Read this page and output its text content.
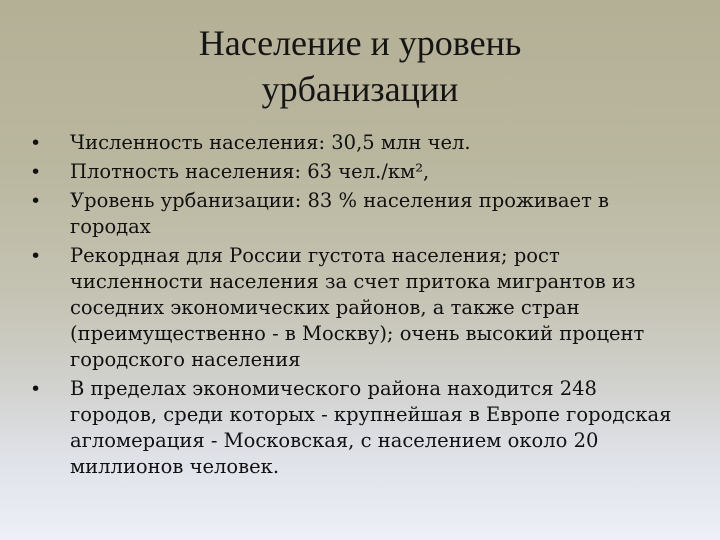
Население и уровень
урбанизации
• Численность населения: 30,5 млн чел.
• Плотность населения: 63 чел./км²,
• Уровень урбанизации: 83 % населения проживает в городах
• Рекордная для России густота населения; рост численности населения за счет притока мигрантов из соседних экономических районов, а также стран (преимущественно - в Москву); очень высокий процент городского населения
• В пределах экономического района находится 248 городов, среди которых - крупнейшая в Европе городская агломерация - Московская, с населением около 20 миллионов человек.
